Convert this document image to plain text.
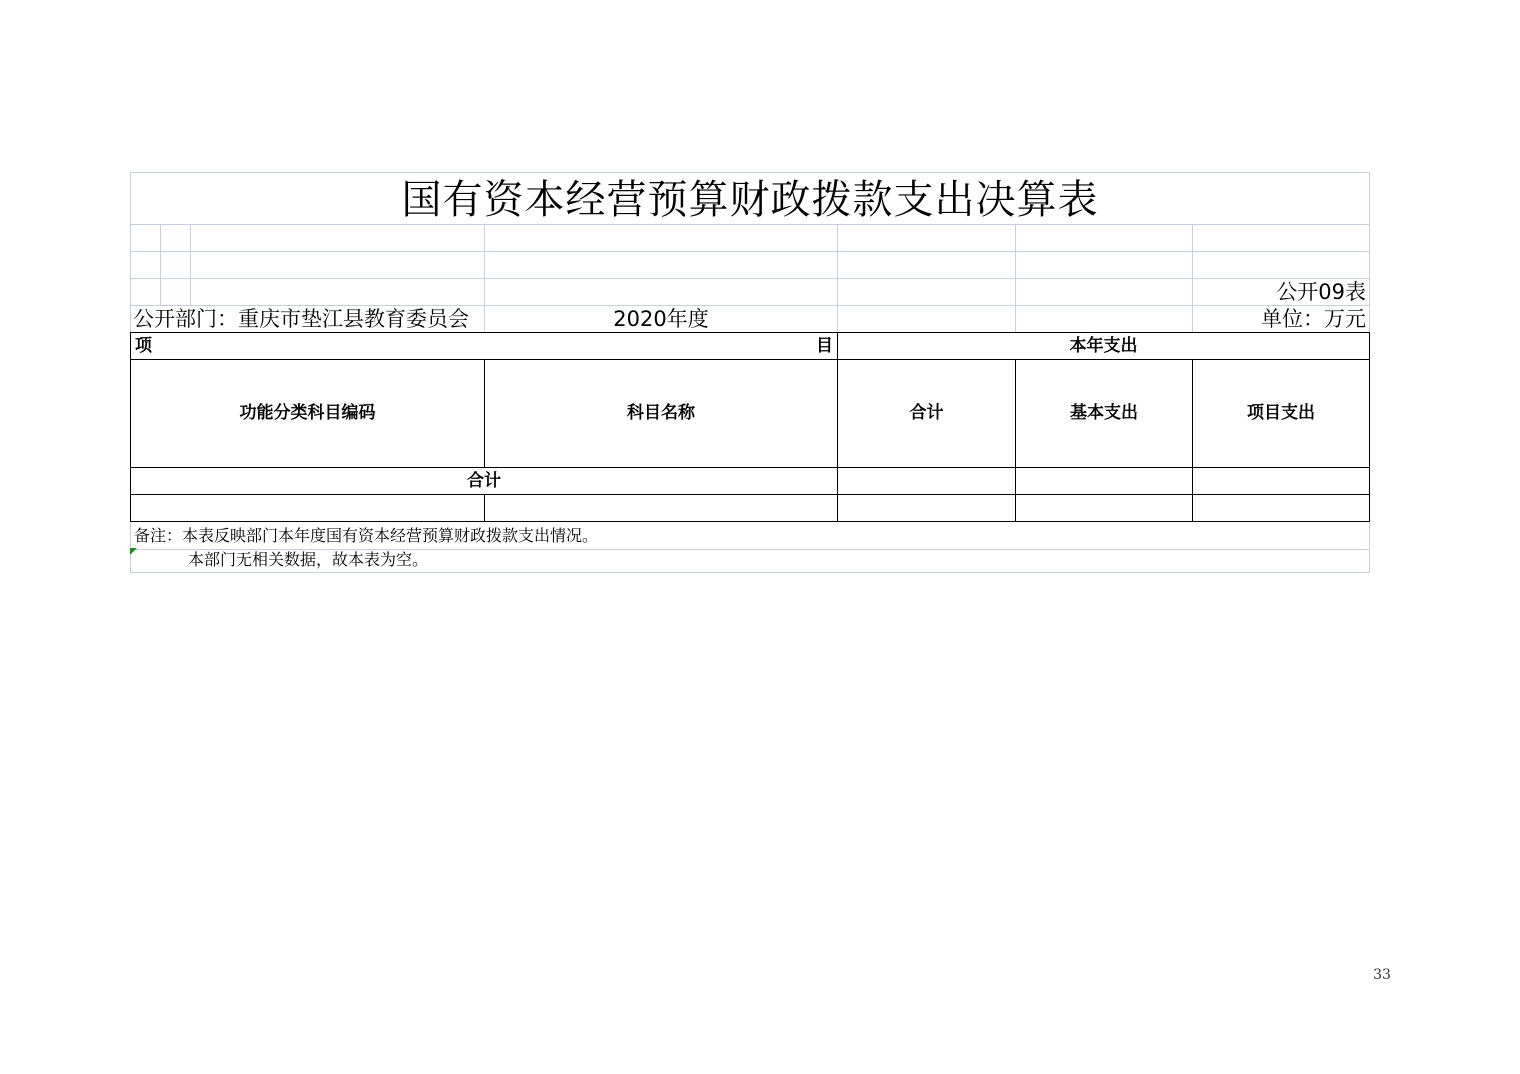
国有资本经营预算财政拨款支出决算表
公开09表
公开部门：重庆市垫江县教育委员会	2020年度	单位：万元
项	目	本年支出
功能分类科目编码	科目名称	合计	基本支出	项目支出
合计
备注：本表反映部门本年度国有资本经营预算财政拨款支出情况。
本部门无相关数据，故本表为空。
33
